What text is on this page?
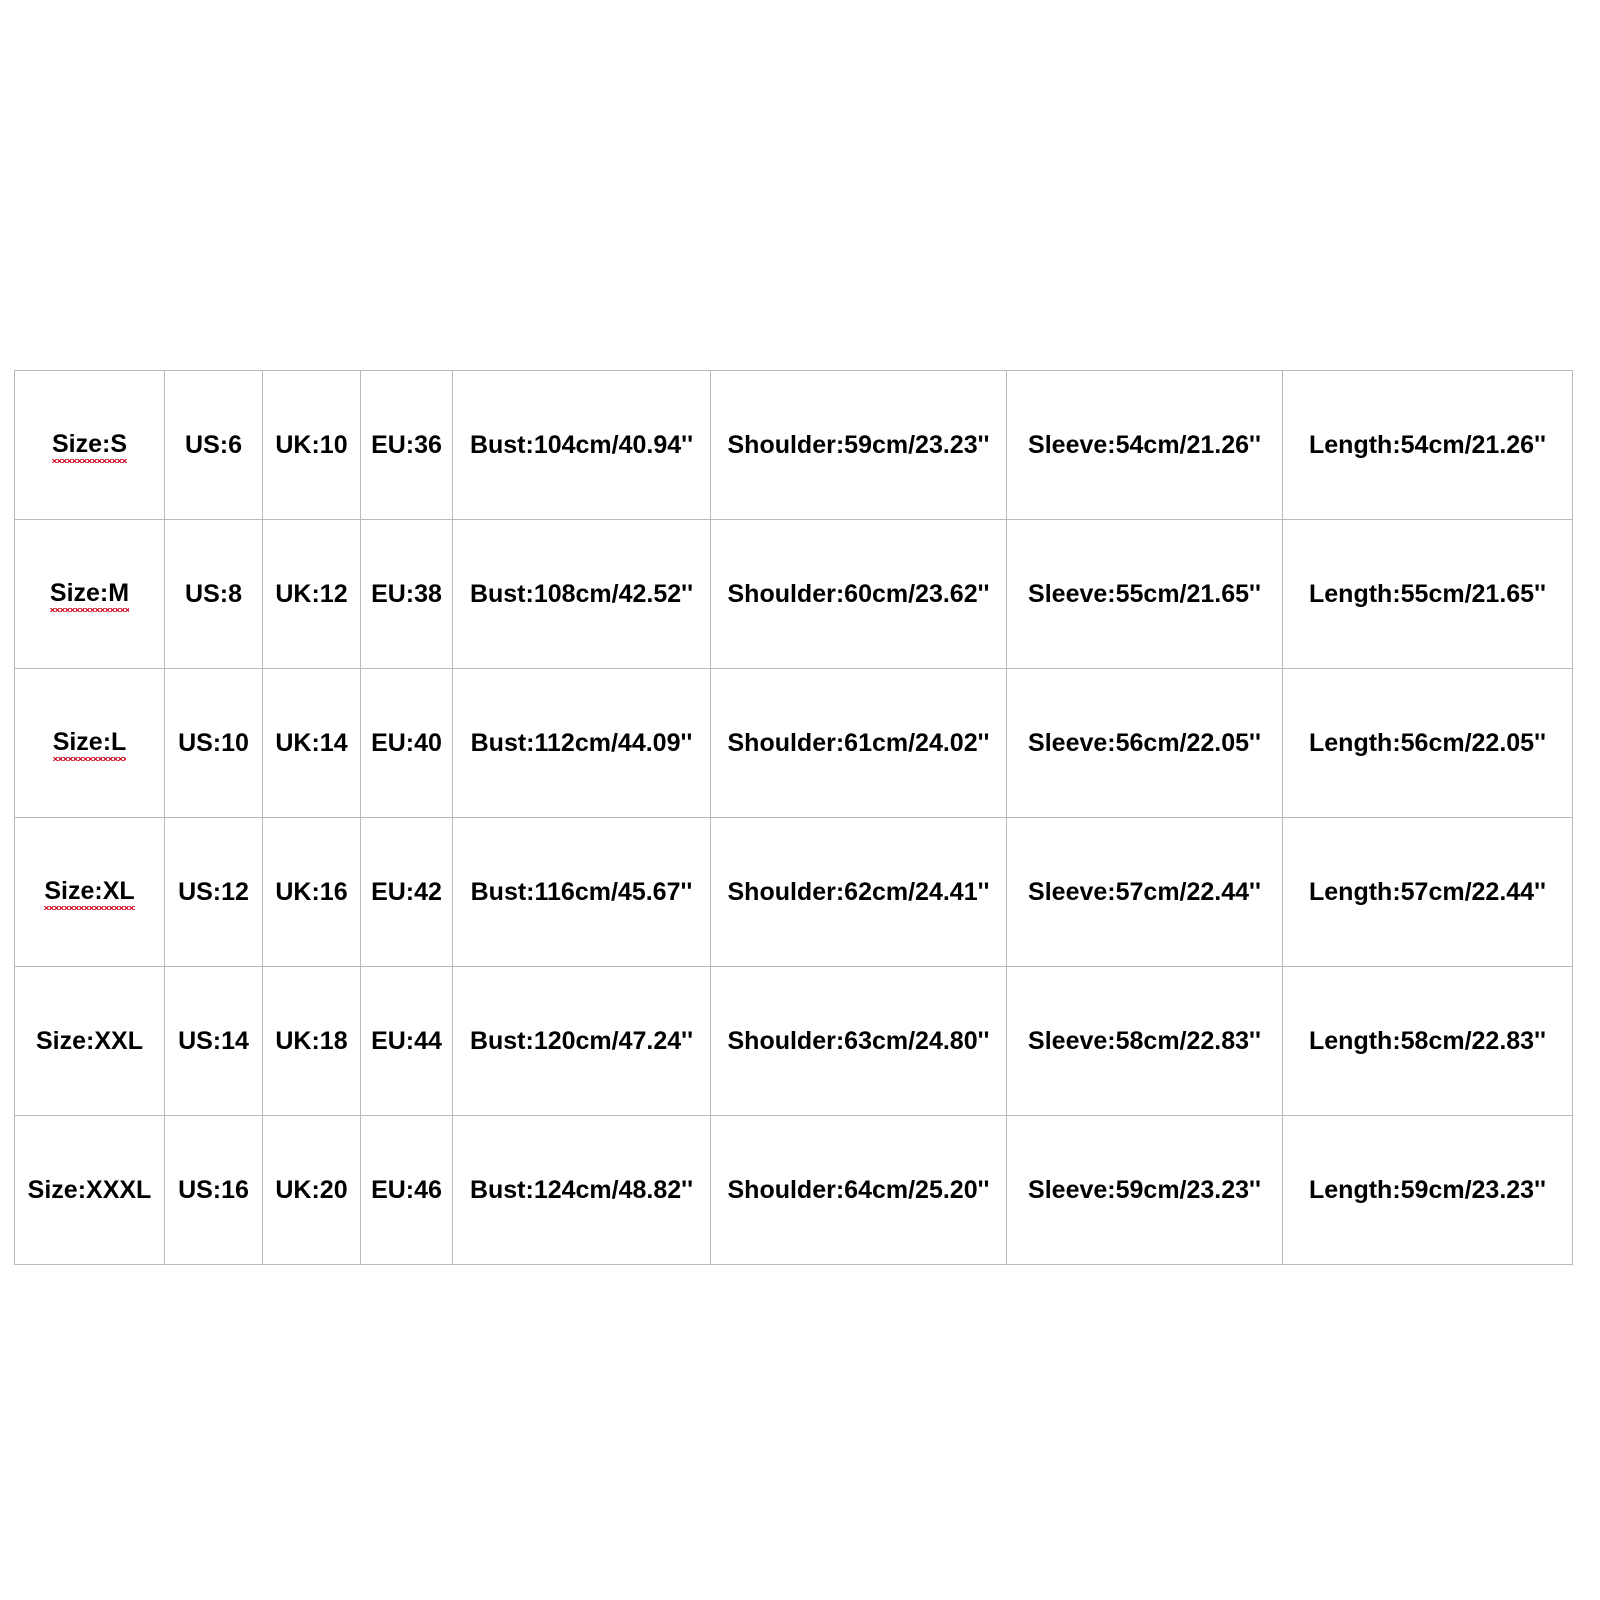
Size:S	US:6	UK:10	EU:36	Bust:104cm/40.94''	Shoulder:59cm/23.23''	Sleeve:54cm/21.26''	Length:54cm/21.26''
Size:M	US:8	UK:12	EU:38	Bust:108cm/42.52''	Shoulder:60cm/23.62''	Sleeve:55cm/21.65''	Length:55cm/21.65''
Size:L	US:10	UK:14	EU:40	Bust:112cm/44.09''	Shoulder:61cm/24.02''	Sleeve:56cm/22.05''	Length:56cm/22.05''
Size:XL	US:12	UK:16	EU:42	Bust:116cm/45.67''	Shoulder:62cm/24.41''	Sleeve:57cm/22.44''	Length:57cm/22.44''
Size:XXL	US:14	UK:18	EU:44	Bust:120cm/47.24''	Shoulder:63cm/24.80''	Sleeve:58cm/22.83''	Length:58cm/22.83''
Size:XXXL	US:16	UK:20	EU:46	Bust:124cm/48.82''	Shoulder:64cm/25.20''	Sleeve:59cm/23.23''	Length:59cm/23.23''
